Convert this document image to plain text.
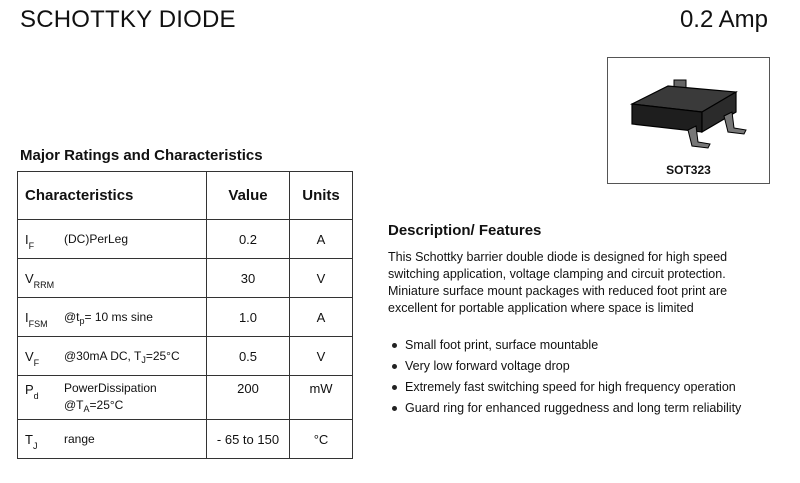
SCHOTTKY DIODE	0.2 Amp
SOT323
Major Ratings and Characteristics
Characteristics	Value	Units

$I_F$ (DC)PerLeg	0.2	A

$V_{RRM}$	30	V

$I_{FSM}$ $@t_p= 10$ ms sine	1.0	A

$V_F$ @30mA DC, $T_J=25^\circ C$	0.5	V

$P_d$
PowerDissipation
$@T_A=25^\circ C$	200	mW

$T_J$ range	- 65 to 150	°C
Description/ Features
This Schottky barrier double diode is designed for high speed switching application, voltage clamping and circuit protection. Miniature surface mount packages with reduced foot print are excellent for portable application where space is limited
Small foot print, surface mountable
Very low forward voltage drop
Extremely fast switching speed for high frequency operation
Guard ring for enhanced ruggedness and long term reliability
